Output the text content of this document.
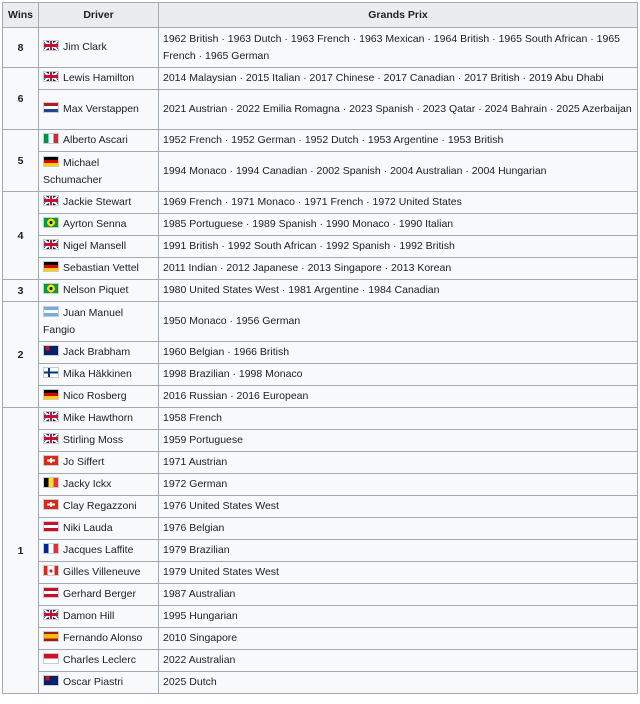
Wins	Driver	Grands Prix
8	Jim Clark	1962 British · 1963 Dutch · 1963 French · 1963 Mexican · 1964 British · 1965 South African · 1965 French · 1965 German
6	Lewis Hamilton	2014 Malaysian · 2015 Italian · 2017 Chinese · 2017 Canadian · 2017 British · 2019 Abu Dhabi
	Max Verstappen	2021 Austrian · 2022 Emilia Romagna · 2023 Spanish · 2023 Qatar · 2024 Bahrain · 2025 Azerbaijan
5	Alberto Ascari	1952 French · 1952 German · 1952 Dutch · 1953 Argentine · 1953 British
	Michael Schumacher	1994 Monaco · 1994 Canadian · 2002 Spanish · 2004 Australian · 2004 Hungarian
4	Jackie Stewart	1969 French · 1971 Monaco · 1971 French · 1972 United States
	Ayrton Senna	1985 Portuguese · 1989 Spanish · 1990 Monaco · 1990 Italian
	Nigel Mansell	1991 British · 1992 South African · 1992 Spanish · 1992 British
	Sebastian Vettel	2011 Indian · 2012 Japanese · 2013 Singapore · 2013 Korean
3	Nelson Piquet	1980 United States West · 1981 Argentine · 1984 Canadian
2	Juan Manuel Fangio	1950 Monaco · 1956 German
	Jack Brabham	1960 Belgian · 1966 British
	Mika Häkkinen	1998 Brazilian · 1998 Monaco
	Nico Rosberg	2016 Russian · 2016 European
1	Mike Hawthorn	1958 French
	Stirling Moss	1959 Portuguese
	Jo Siffert	1971 Austrian
	Jacky Ickx	1972 German
	Clay Regazzoni	1976 United States West
	Niki Lauda	1976 Belgian
	Jacques Laffite	1979 Brazilian
	Gilles Villeneuve	1979 United States West
	Gerhard Berger	1987 Australian
	Damon Hill	1995 Hungarian
	Fernando Alonso	2010 Singapore
	Charles Leclerc	2022 Australian
	Oscar Piastri	2025 Dutch
